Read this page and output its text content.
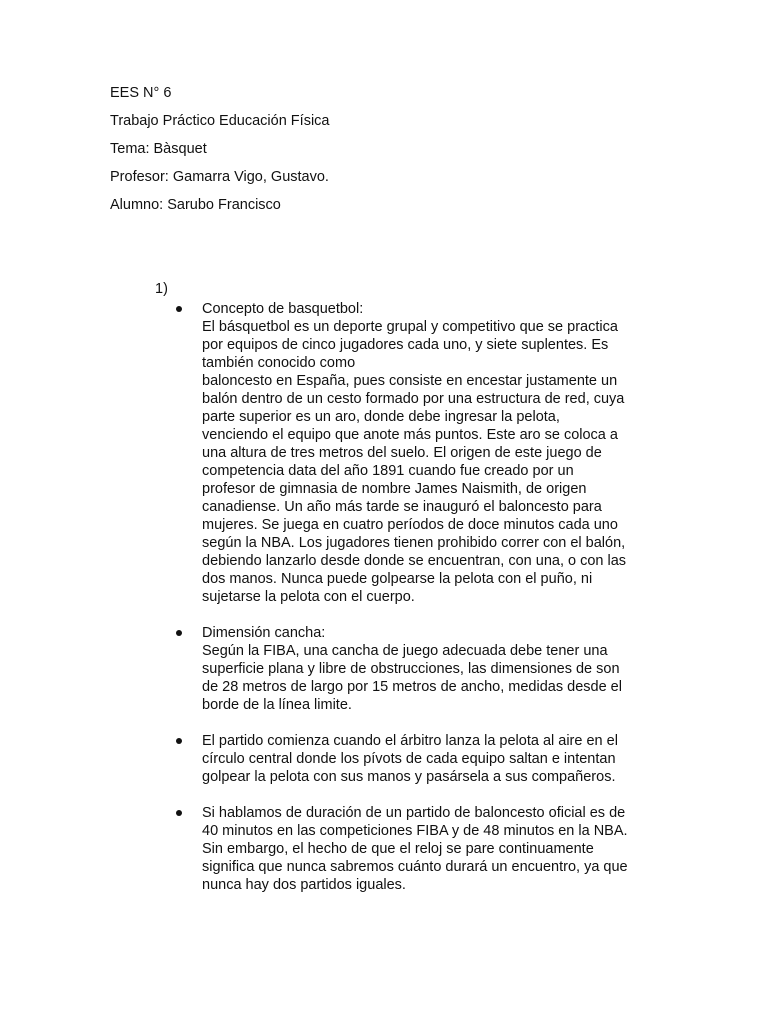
EES N° 6
Trabajo Práctico Educación Física
Tema: Bàsquet
Profesor: Gamarra Vigo, Gustavo.
Alumno: Sarubo Francisco
1)
Concepto de basquetbol:
El básquetbol es un deporte grupal y competitivo que se practica
por equipos de cinco jugadores cada uno, y siete suplentes. Es
también conocido como
baloncesto en España, pues consiste en encestar justamente un
balón dentro de un cesto formado por una estructura de red, cuya
parte superior es un aro, donde debe ingresar la pelota,
venciendo el equipo que anote más puntos. Este aro se coloca a
una altura de tres metros del suelo. El origen de este juego de
competencia data del año 1891 cuando fue creado por un
profesor de gimnasia de nombre James Naismith, de origen
canadiense. Un año más tarde se inauguró el baloncesto para
mujeres. Se juega en cuatro períodos de doce minutos cada uno
según la NBA. Los jugadores tienen prohibido correr con el balón,
debiendo lanzarlo desde donde se encuentran, con una, o con las
dos manos. Nunca puede golpearse la pelota con el puño, ni
sujetarse la pelota con el cuerpo.
Dimensión cancha:
Según la FIBA, una cancha de juego adecuada debe tener una
superficie plana y libre de obstrucciones, las dimensiones de son
de 28 metros de largo por 15 metros de ancho, medidas desde el
borde de la línea limite.
El partido comienza cuando el árbitro lanza la pelota al aire en el
círculo central donde los pívots de cada equipo saltan e intentan
golpear la pelota con sus manos y pasársela a sus compañeros.
Si hablamos de duración de un partido de baloncesto oficial es de
40 minutos en las competiciones FIBA y de 48 minutos en la NBA.
Sin embargo, el hecho de que el reloj se pare continuamente
significa que nunca sabremos cuánto durará un encuentro, ya que
nunca hay dos partidos iguales.
